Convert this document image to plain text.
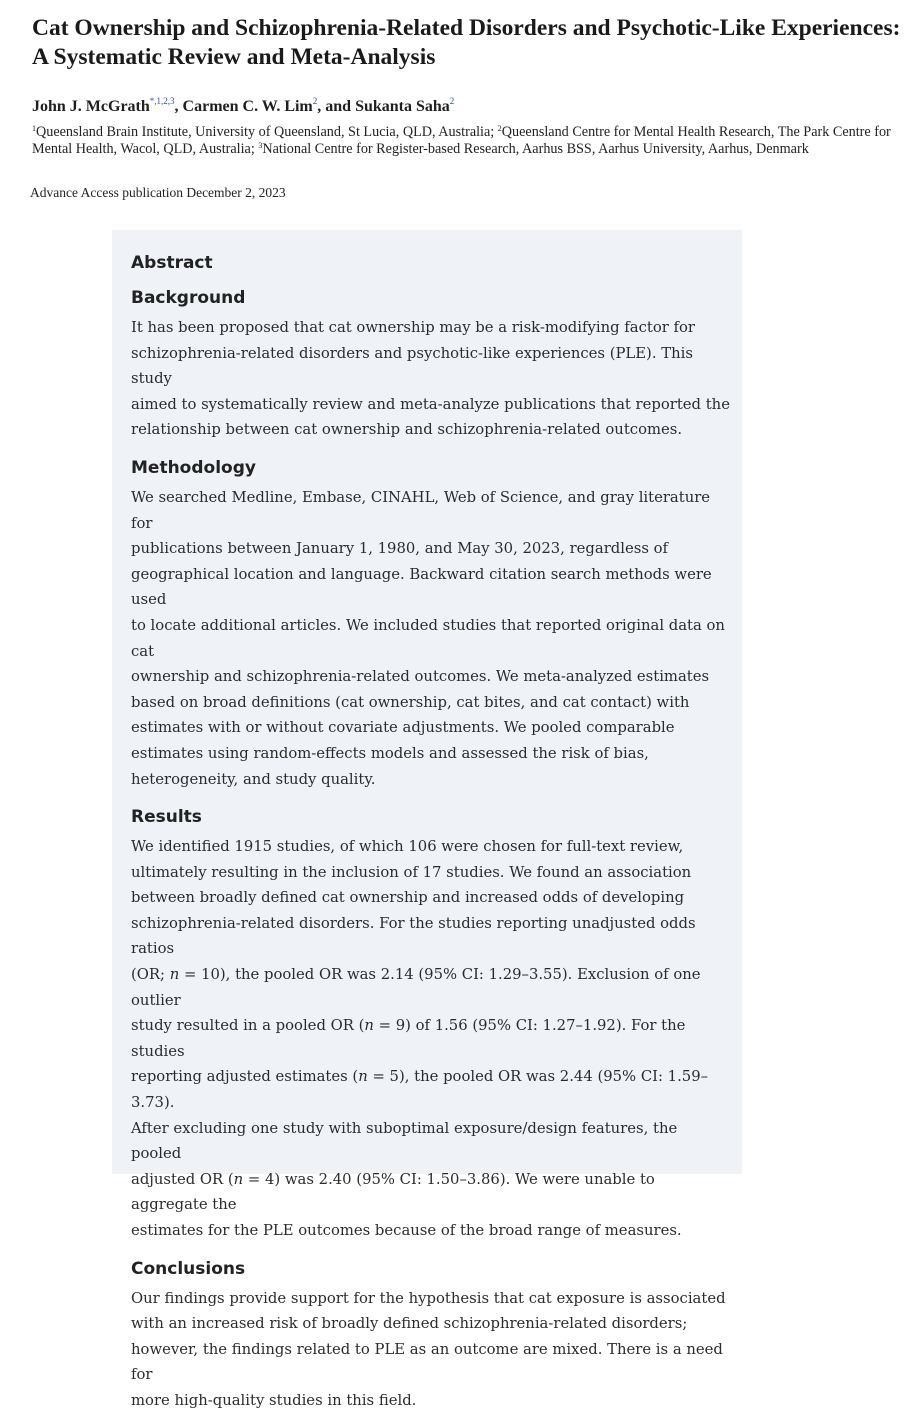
Cat Ownership and Schizophrenia-Related Disorders and Psychotic-Like Experiences: A Systematic Review and Meta-Analysis
John J. McGrath$^{*,1,2,3}$, Carmen C. W. Lim$^2$, and Sukanta Saha$^2$
$^1$Queensland Brain Institute, University of Queensland, St Lucia, QLD, Australia; $^2$Queensland Centre for Mental Health Research, The Park Centre for Mental Health, Wacol, QLD, Australia; $^3$National Centre for Register-based Research, Aarhus BSS, Aarhus University, Aarhus, Denmark
Advance Access publication December 2, 2023
Abstract
Background
It has been proposed that cat ownership may be a risk-modifying factor for
schizophrenia-related disorders and psychotic-like experiences (PLE). This study
aimed to systematically review and meta-analyze publications that reported the
relationship between cat ownership and schizophrenia-related outcomes.
Methodology
We searched Medline, Embase, CINAHL, Web of Science, and gray literature for
publications between January 1, 1980, and May 30, 2023, regardless of
geographical location and language. Backward citation search methods were used
to locate additional articles. We included studies that reported original data on cat
ownership and schizophrenia-related outcomes. We meta-analyzed estimates
based on broad definitions (cat ownership, cat bites, and cat contact) with
estimates with or without covariate adjustments. We pooled comparable
estimates using random-effects models and assessed the risk of bias,
heterogeneity, and study quality.
Results
We identified 1915 studies, of which 106 were chosen for full-text review,
ultimately resulting in the inclusion of 17 studies. We found an association
between broadly defined cat ownership and increased odds of developing
schizophrenia-related disorders. For the studies reporting unadjusted odds ratios
(OR; n = 10), the pooled OR was 2.14 (95% CI: 1.29–3.55). Exclusion of one outlier
study resulted in a pooled OR (n = 9) of 1.56 (95% CI: 1.27–1.92). For the studies
reporting adjusted estimates (n = 5), the pooled OR was 2.44 (95% CI: 1.59–3.73).
After excluding one study with suboptimal exposure/design features, the pooled
adjusted OR (n = 4) was 2.40 (95% CI: 1.50–3.86). We were unable to aggregate the
estimates for the PLE outcomes because of the broad range of measures.
Conclusions
Our findings provide support for the hypothesis that cat exposure is associated
with an increased risk of broadly defined schizophrenia-related disorders;
however, the findings related to PLE as an outcome are mixed. There is a need for
more high-quality studies in this field.
